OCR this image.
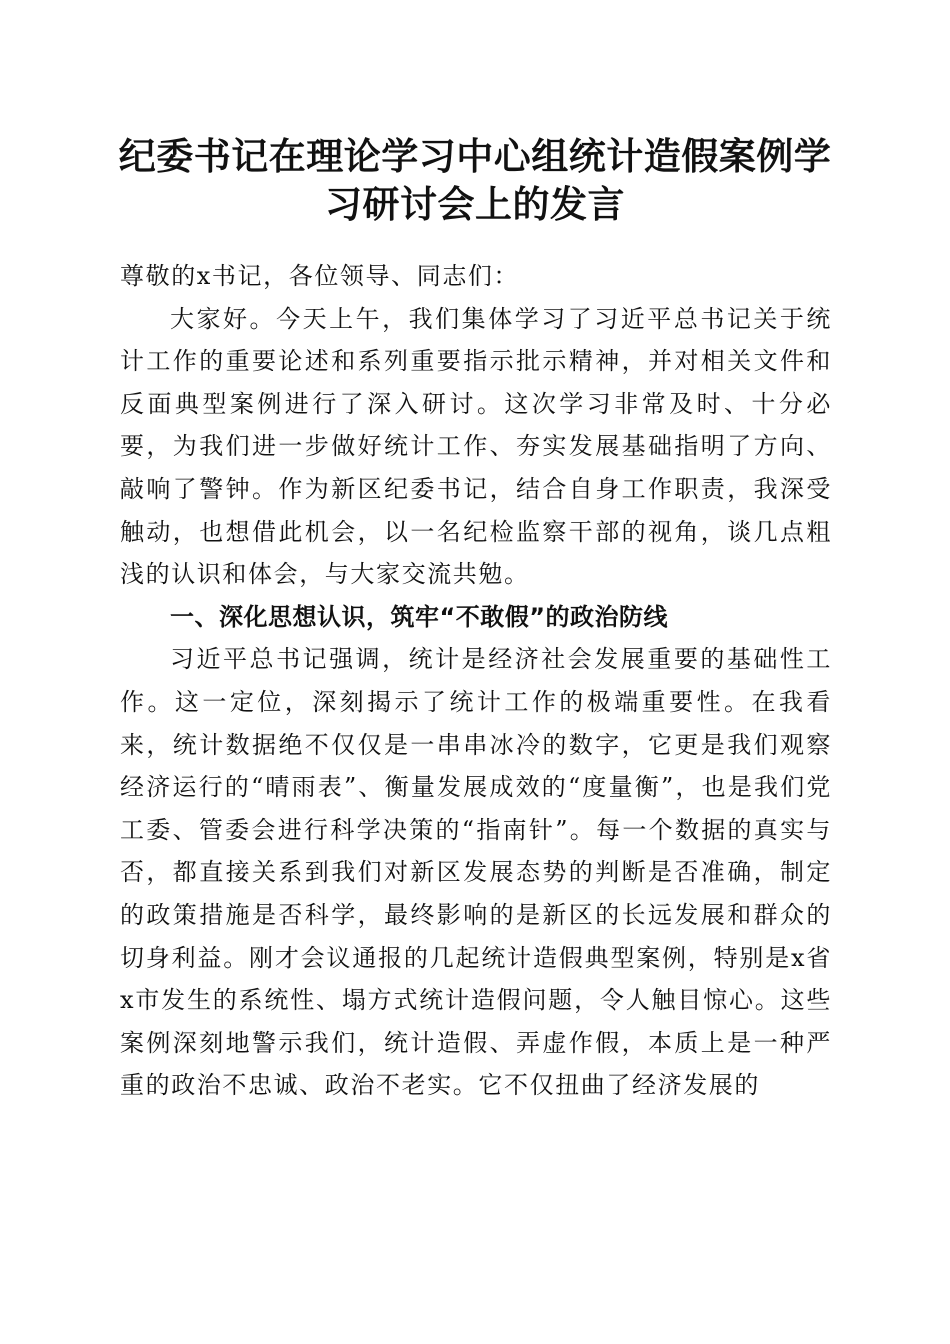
纪委书记在理论学习中心组统计造假案例学习研讨会上的发言

尊敬的x书记，各位领导、同志们：

大家好。今天上午，我们集体学习了习近平总书记关于统计工作的重要论述和系列重要指示批示精神，并对相关文件和反面典型案例进行了深入研讨。这次学习非常及时、十分必要，为我们进一步做好统计工作、夯实发展基础指明了方向、敲响了警钟。作为新区纪委书记，结合自身工作职责，我深受触动，也想借此机会，以一名纪检监察干部的视角，谈几点粗浅的认识和体会，与大家交流共勉。

一、深化思想认识，筑牢“不敢假”的政治防线

习近平总书记强调，统计是经济社会发展重要的基础性工作。这一定位，深刻揭示了统计工作的极端重要性。在我看来，统计数据绝不仅仅是一串串冰冷的数字，它更是我们观察经济运行的“晴雨表”、衡量发展成效的“度量衡”，也是我们党工委、管委会进行科学决策的“指南针”。每一个数据的真实与否，都直接关系到我们对新区发展态势的判断是否准确，制定的政策措施是否科学，最终影响的是新区的长远发展和群众的切身利益。刚才会议通报的几起统计造假典型案例，特别是x省x市发生的系统性、塌方式统计造假问题，令人触目惊心。这些案例深刻地警示我们，统计造假、弄虚作假，本质上是一种严重的政治不忠诚、政治不老实。它不仅扭曲了经济发展的
